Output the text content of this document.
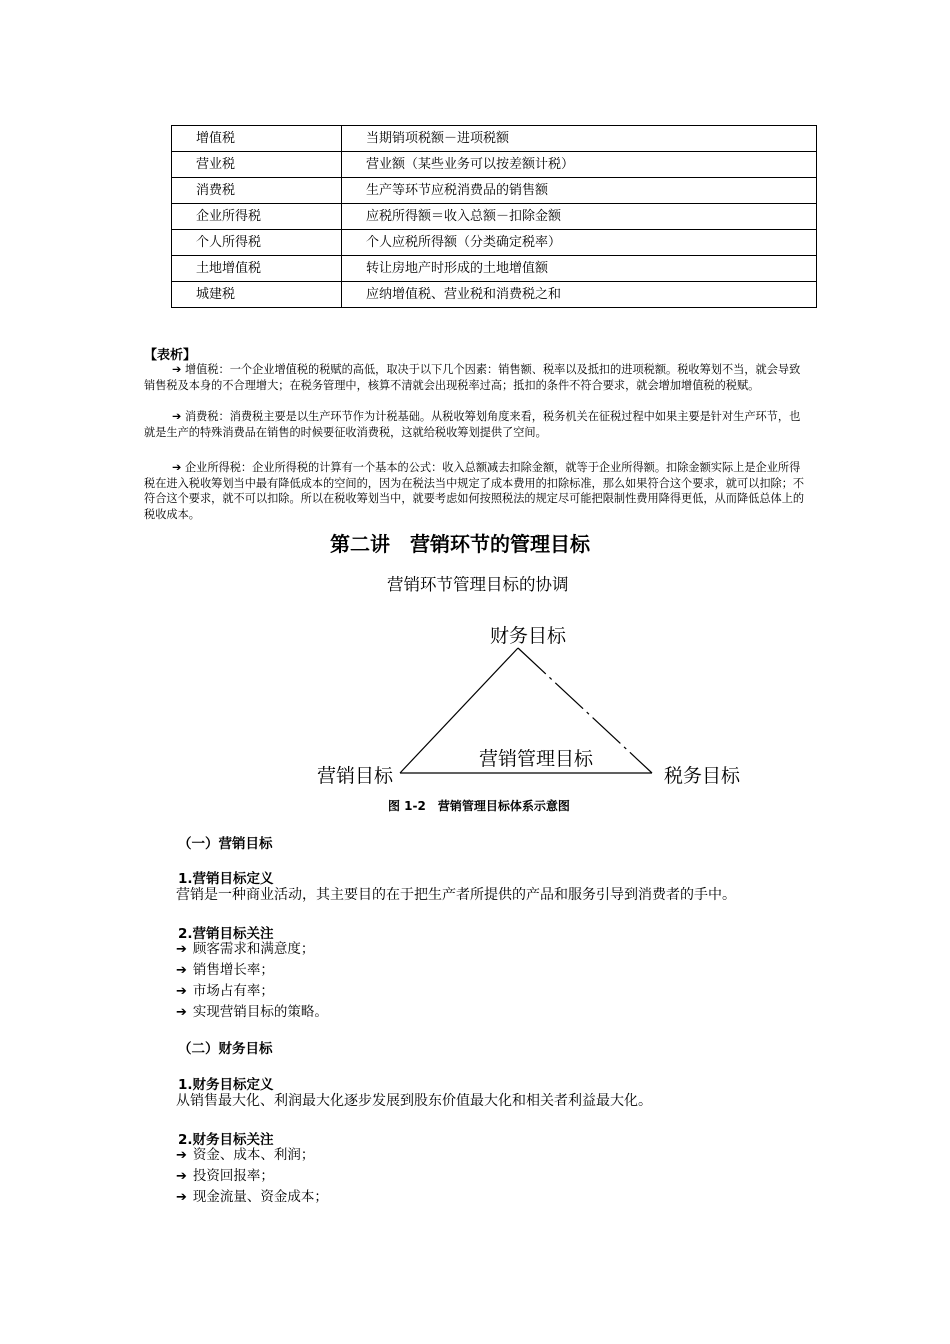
增值税	当期销项税额－进项税额
营业税	营业额（某些业务可以按差额计税）
消费税	生产等环节应税消费品的销售额
企业所得税	应税所得额＝收入总额－扣除金额
个人所得税	个人应税所得额（分类确定税率）
土地增值税	转让房地产时形成的土地增值额
城建税	应纳增值税、营业税和消费税之和
【表析】
➔ 增值税：一个企业增值税的税赋的高低，取决于以下几个因素：销售额、税率以及抵扣的进项税额。税收筹划不当，就会导致销售税及本身的不合理增大；在税务管理中，核算不清就会出现税率过高；抵扣的条件不符合要求，就会增加增值税的税赋。
➔ 消费税：消费税主要是以生产环节作为计税基础。从税收筹划角度来看，税务机关在征税过程中如果主要是针对生产环节，也就是生产的特殊消费品在销售的时候要征收消费税，这就给税收筹划提供了空间。
➔ 企业所得税：企业所得税的计算有一个基本的公式：收入总额减去扣除金额，就等于企业所得额。扣除金额实际上是企业所得税在进入税收筹划当中最有降低成本的空间的，因为在税法当中规定了成本费用的扣除标准，那么如果符合这个要求，就可以扣除；不符合这个要求，就不可以扣除。所以在税收筹划当中，就要考虑如何按照税法的规定尽可能把限制性费用降得更低，从而降低总体上的税收成本。
第二讲　营销环节的管理目标
营销环节管理目标的协调
财务目标
营销目标	税务目标
营销管理目标
图 1-2　营销管理目标体系示意图
（一）营销目标
1.营销目标定义
营销是一种商业活动，其主要目的在于把生产者所提供的产品和服务引导到消费者的手中。
2.营销目标关注
➔ 顾客需求和满意度；
➔ 销售增长率；
➔ 市场占有率；
➔ 实现营销目标的策略。
（二）财务目标
1.财务目标定义
从销售最大化、利润最大化逐步发展到股东价值最大化和相关者利益最大化。
2.财务目标关注
➔ 资金、成本、利润；
➔ 投资回报率；
➔ 现金流量、资金成本；
